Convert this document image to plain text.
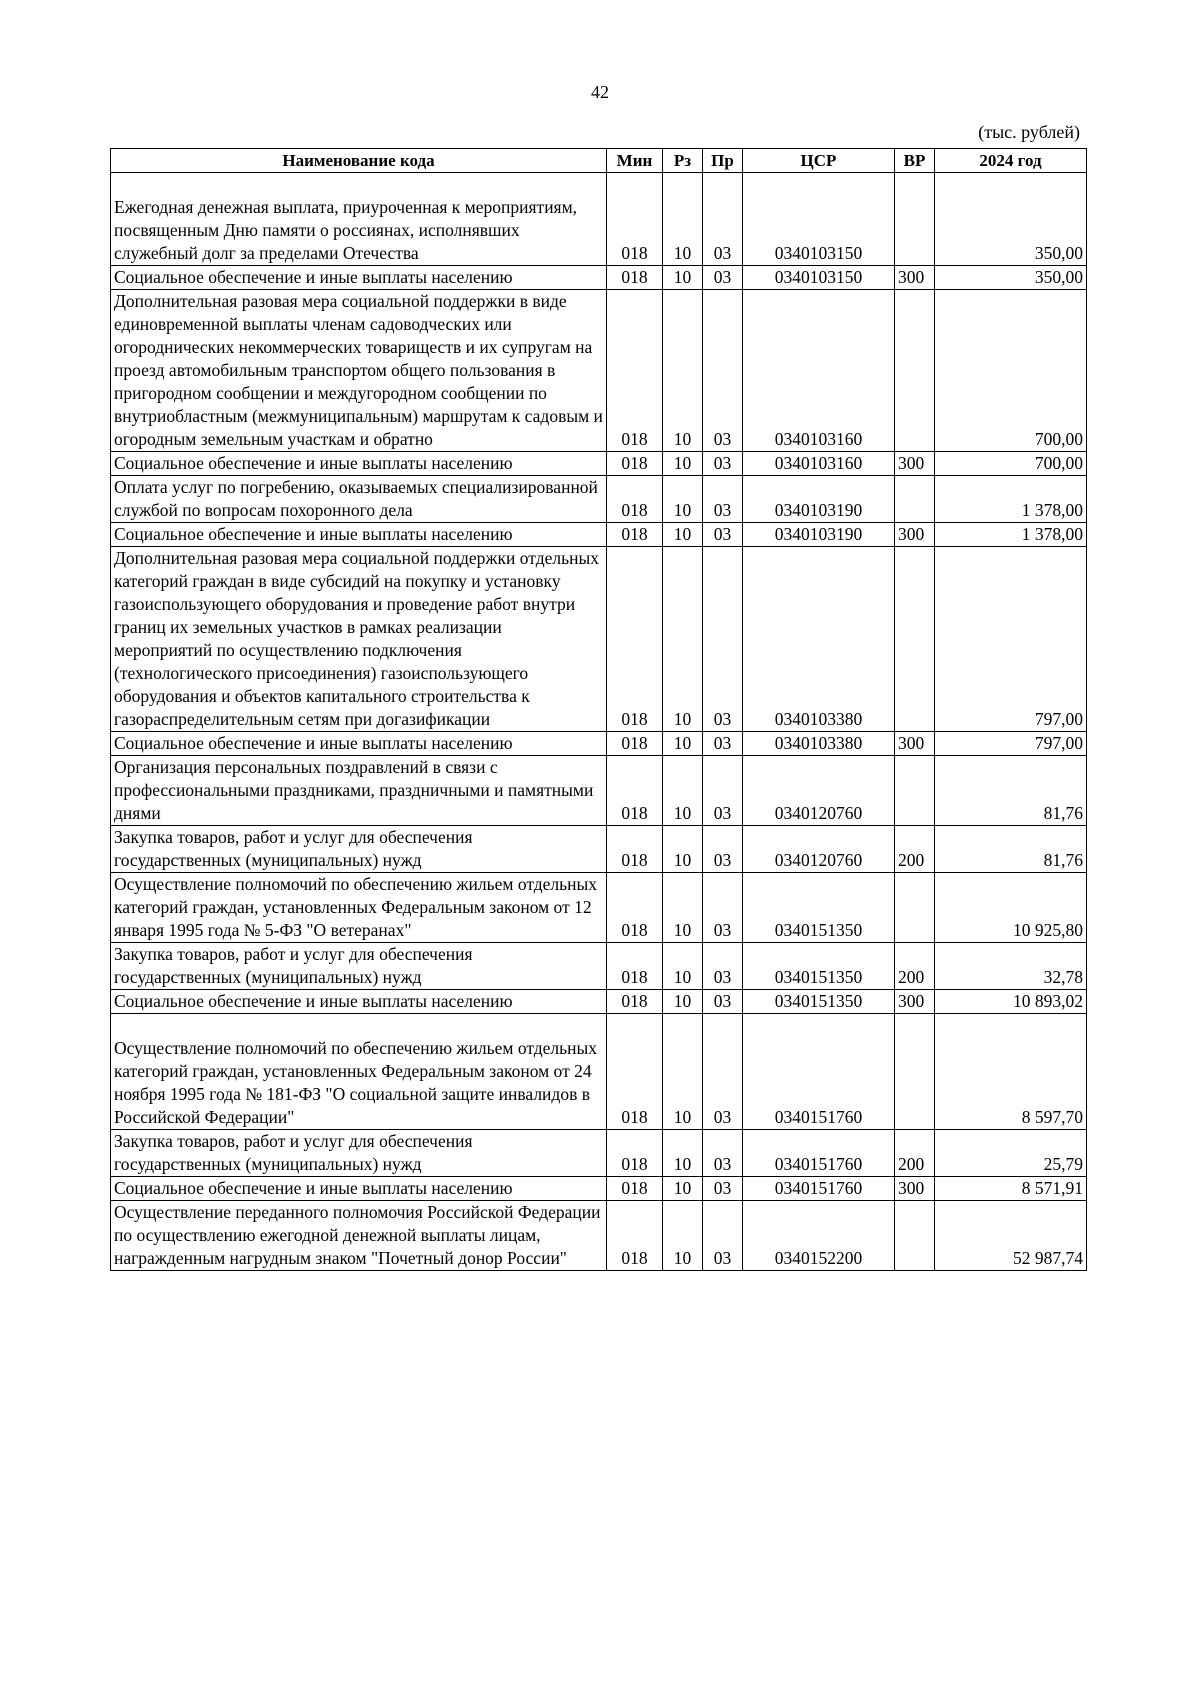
42
(тыс. рублей)
Наименование кода	Мин	Рз	Пр	ЦСР	ВР	2024 год

Ежегодная денежная выплата, приуроченная к мероприятиям, посвященным Дню памяти о россиянах, исполнявших служебный долг за пределами Отечества	018	10	03	0340103150		350,00
Социальное обеспечение и иные выплаты населению	018	10	03	0340103150	300	350,00
Дополнительная разовая мера социальной поддержки в виде единовременной выплаты членам садоводческих или огороднических некоммерческих товариществ и их супругам на проезд автомобильным транспортом общего пользования в пригородном сообщении и междугородном сообщении по внутриобластным (межмуниципальным) маршрутам к садовым и огородным земельным участкам и обратно	018	10	03	0340103160		700,00
Социальное обеспечение и иные выплаты населению	018	10	03	0340103160	300	700,00
Оплата услуг по погребению, оказываемых специализированной службой по вопросам похоронного дела	018	10	03	0340103190		1 378,00
Социальное обеспечение и иные выплаты населению	018	10	03	0340103190	300	1 378,00
Дополнительная разовая мера социальной поддержки отдельных категорий граждан в виде субсидий на покупку и установку газоиспользующего оборудования и проведение работ внутри границ их земельных участков в рамках реализации мероприятий по осуществлению подключения (технологического присоединения) газоиспользующего оборудования и объектов капитального строительства к газораспределительным сетям при догазификации	018	10	03	0340103380		797,00
Социальное обеспечение и иные выплаты населению	018	10	03	0340103380	300	797,00
Организация персональных поздравлений в связи с профессиональными праздниками, праздничными и памятными днями	018	10	03	0340120760		81,76
Закупка товаров, работ и услуг для обеспечения государственных (муниципальных) нужд	018	10	03	0340120760	200	81,76
Осуществление полномочий по обеспечению жильем отдельных категорий граждан, установленных Федеральным законом от 12 января 1995 года № 5-ФЗ "О ветеранах"	018	10	03	0340151350		10 925,80
Закупка товаров, работ и услуг для обеспечения государственных (муниципальных) нужд	018	10	03	0340151350	200	32,78
Социальное обеспечение и иные выплаты населению	018	10	03	0340151350	300	10 893,02

Осуществление полномочий по обеспечению жильем отдельных категорий граждан, установленных Федеральным законом от 24 ноября 1995 года № 181-ФЗ "О социальной защите инвалидов в Российской Федерации"	018	10	03	0340151760		8 597,70
Закупка товаров, работ и услуг для обеспечения государственных (муниципальных) нужд	018	10	03	0340151760	200	25,79
Социальное обеспечение и иные выплаты населению	018	10	03	0340151760	300	8 571,91
Осуществление переданного полномочия Российской Федерации по осуществлению ежегодной денежной выплаты лицам, награжденным нагрудным знаком "Почетный донор России"	018	10	03	0340152200		52 987,74
